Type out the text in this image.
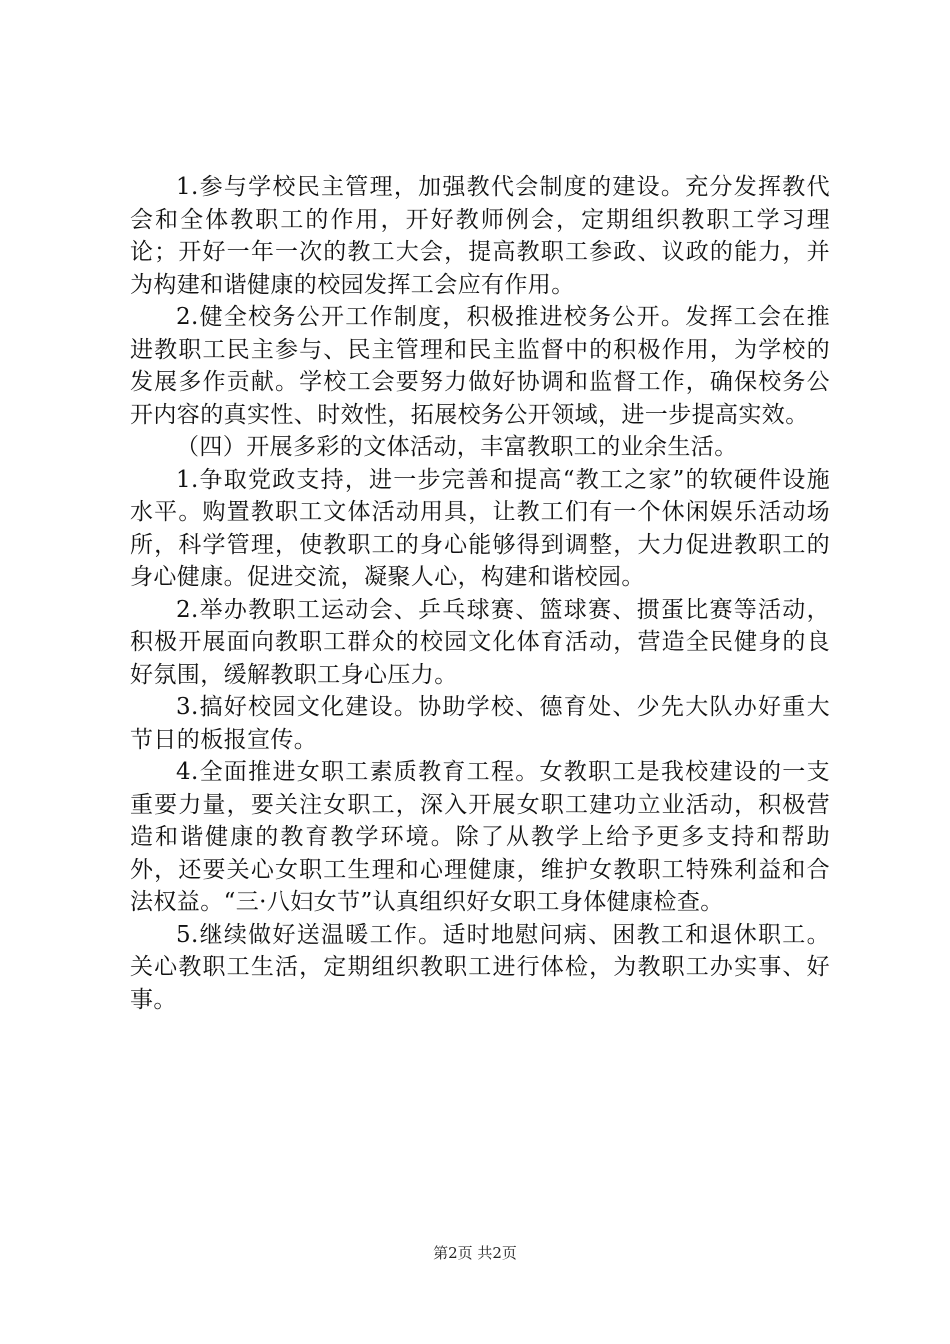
1.参与学校民主管理，加强教代会制度的建设。充分发挥教代会和全体教职工的作用，开好教师例会，定期组织教职工学习理论；开好一年一次的教工大会，提高教职工参政、议政的能力，并为构建和谐健康的校园发挥工会应有作用。

2.健全校务公开工作制度，积极推进校务公开。发挥工会在推进教职工民主参与、民主管理和民主监督中的积极作用，为学校的发展多作贡献。学校工会要努力做好协调和监督工作，确保校务公开内容的真实性、时效性，拓展校务公开领域，进一步提高实效。

（四）开展多彩的文体活动，丰富教职工的业余生活。

1.争取党政支持，进一步完善和提高“教工之家”的软硬件设施水平。购置教职工文体活动用具，让教工们有一个休闲娱乐活动场所，科学管理，使教职工的身心能够得到调整，大力促进教职工的身心健康。促进交流，凝聚人心，构建和谐校园。

2.举办教职工运动会、乒乓球赛、篮球赛、掼蛋比赛等活动，积极开展面向教职工群众的校园文化体育活动，营造全民健身的良好氛围，缓解教职工身心压力。

3.搞好校园文化建设。协助学校、德育处、少先大队办好重大节日的板报宣传。

4.全面推进女职工素质教育工程。女教职工是我校建设的一支重要力量，要关注女职工，深入开展女职工建功立业活动，积极营造和谐健康的教育教学环境。除了从教学上给予更多支持和帮助外，还要关心女职工生理和心理健康，维护女教职工特殊利益和合法权益。“三·八妇女节”认真组织好女职工身体健康检查。

5.继续做好送温暖工作。适时地慰问病、困教工和退休职工。关心教职工生活，定期组织教职工进行体检，为教职工办实事、好事。

第2页 共2页
